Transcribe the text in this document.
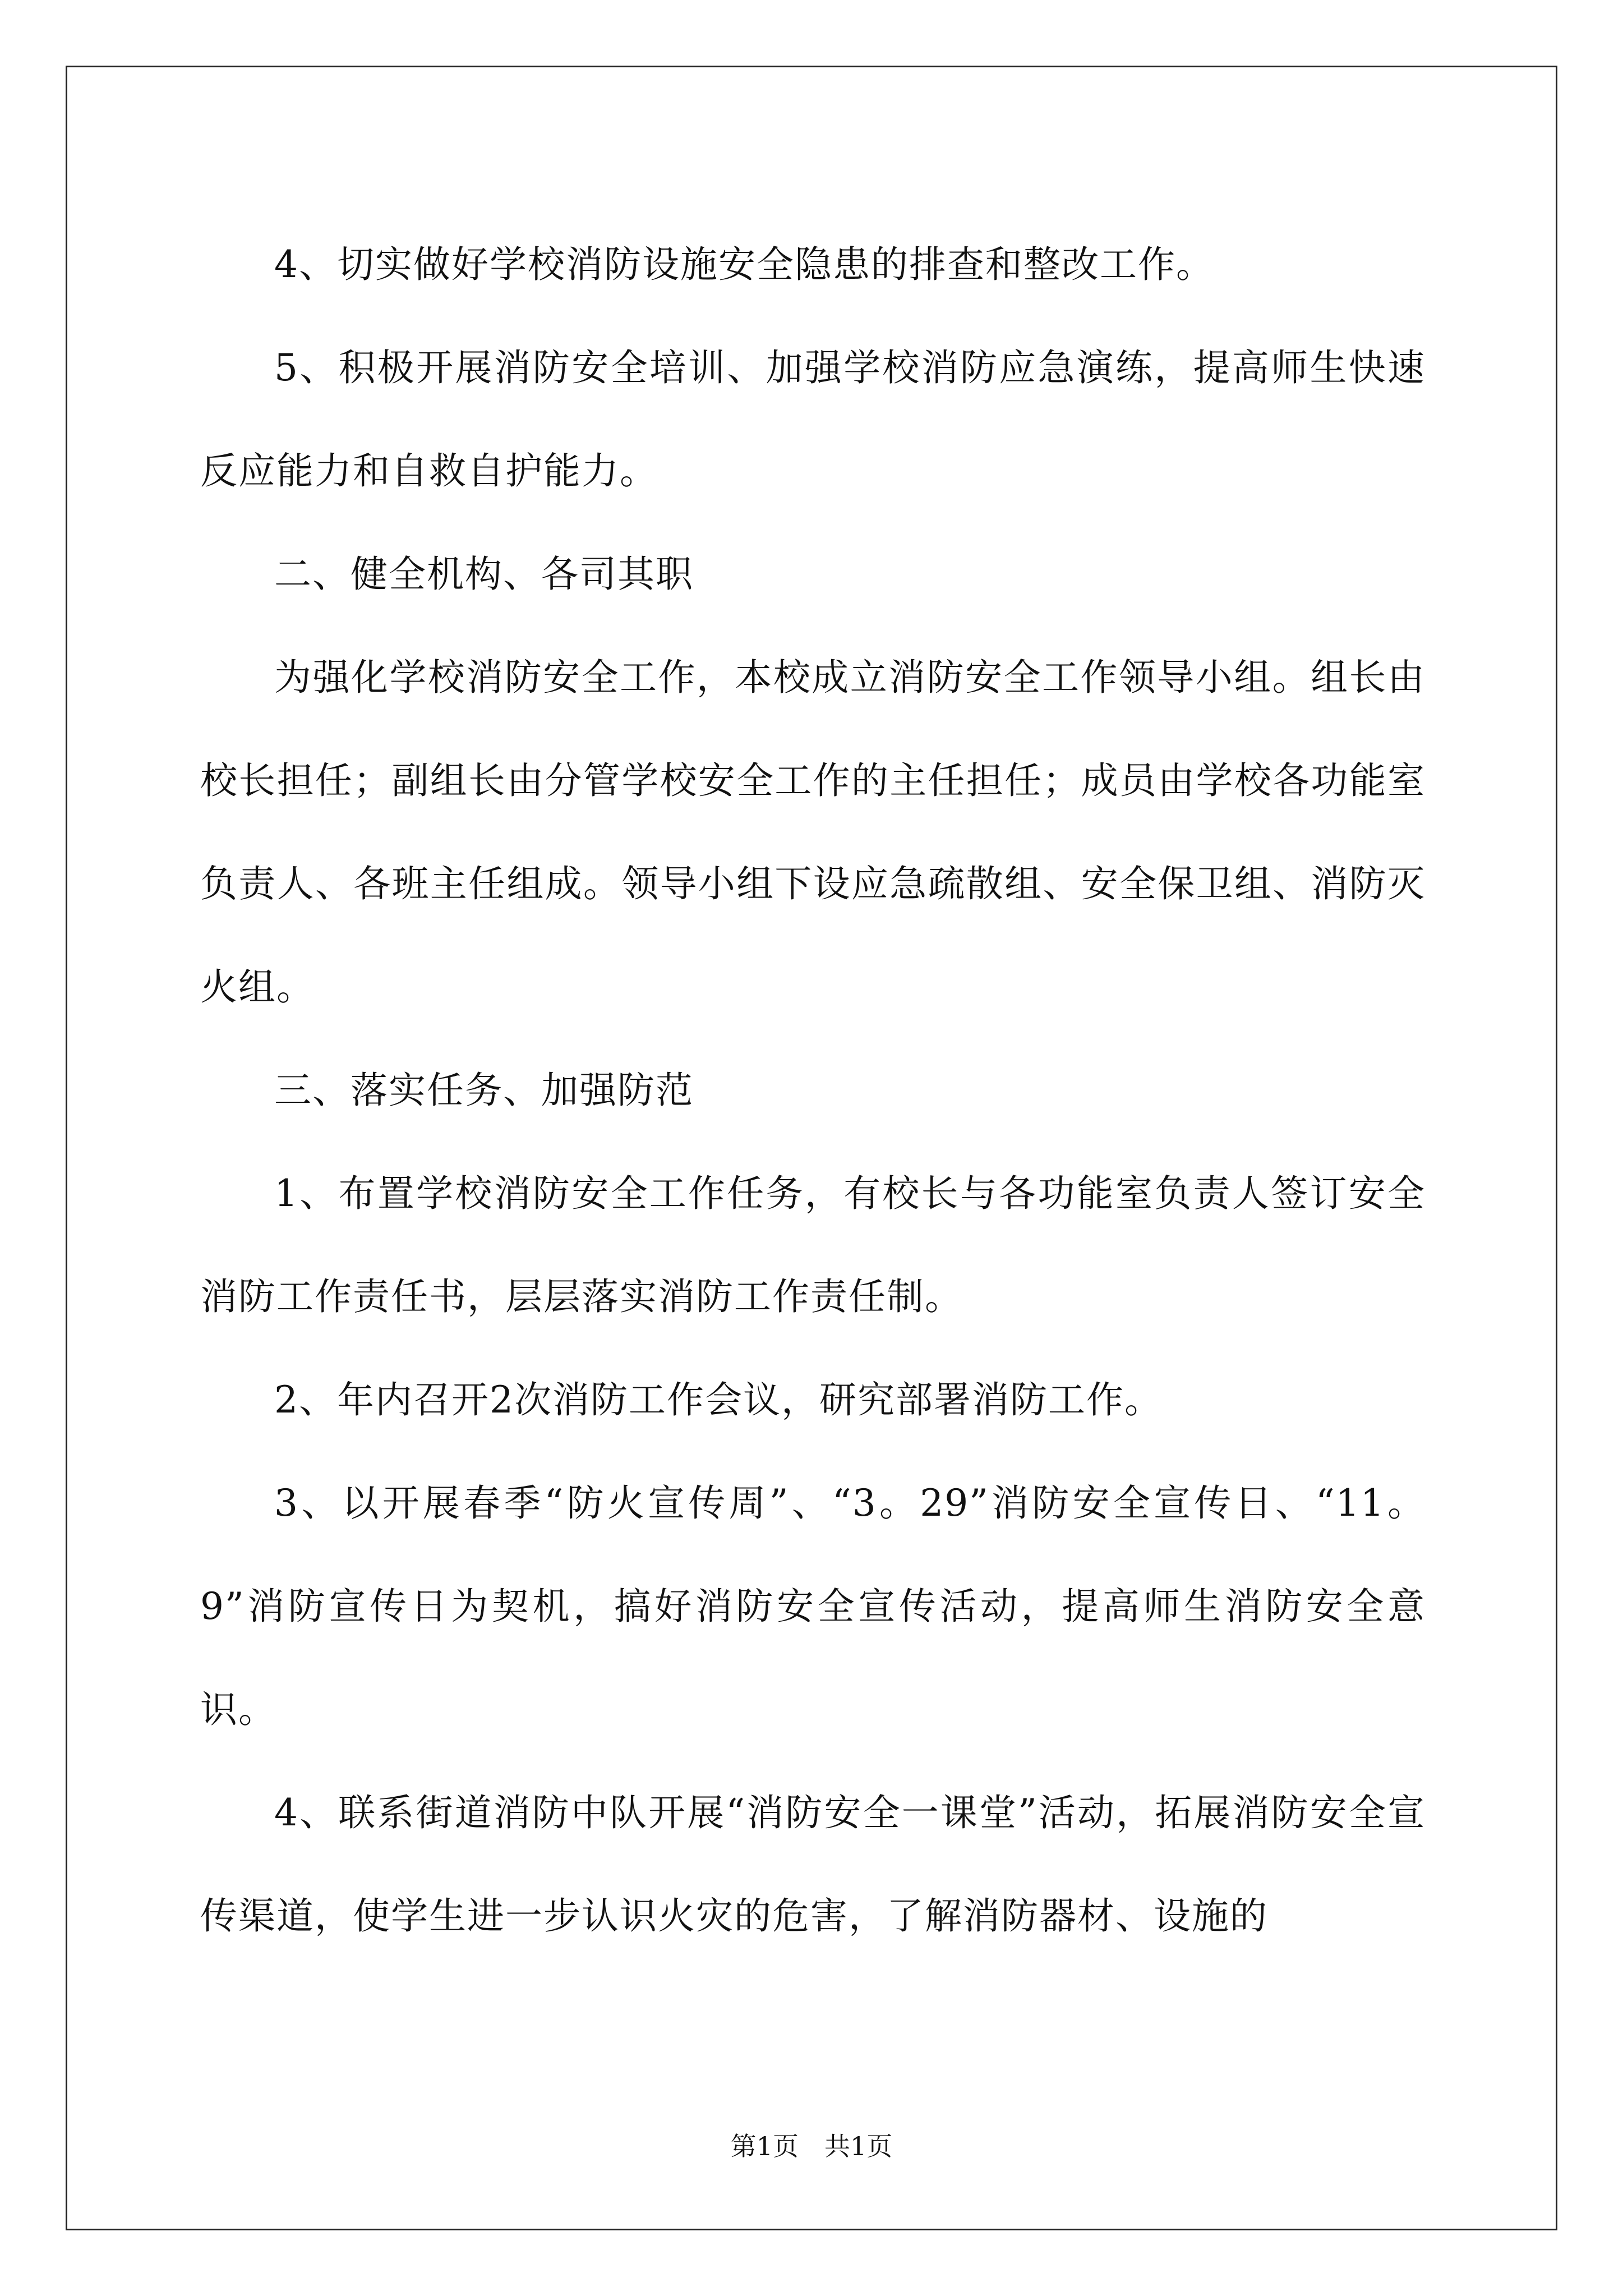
4、切实做好学校消防设施安全隐患的排查和整改工作。

5、积极开展消防安全培训、加强学校消防应急演练，提高师生快速反应能力和自救自护能力。

二、健全机构、各司其职

为强化学校消防安全工作，本校成立消防安全工作领导小组。组长由校长担任；副组长由分管学校安全工作的主任担任；成员由学校各功能室负责人、各班主任组成。领导小组下设应急疏散组、安全保卫组、消防灭火组。

三、落实任务、加强防范

1、布置学校消防安全工作任务，有校长与各功能室负责人签订安全消防工作责任书，层层落实消防工作责任制。

2、年内召开2次消防工作会议，研究部署消防工作。

3、以开展春季“防火宣传周”、“3。29”消防安全宣传日、“11。9”消防宣传日为契机，搞好消防安全宣传活动，提高师生消防安全意识。

4、联系街道消防中队开展“消防安全一课堂”活动，拓展消防安全宣传渠道，使学生进一步认识火灾的危害，了解消防器材、设施的

第1页　共1页
